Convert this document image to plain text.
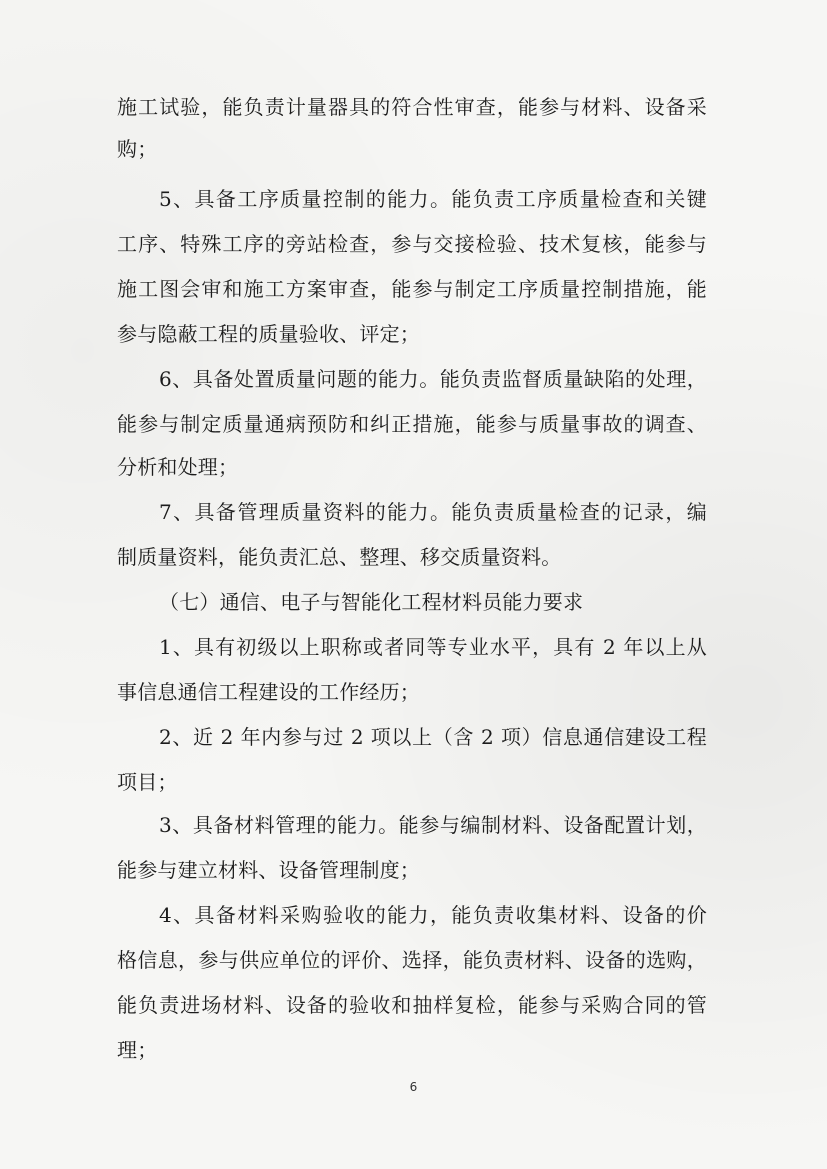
施工试验，能负责计量器具的符合性审查，能参与材料、设备采
购；
5、具备工序质量控制的能力。能负责工序质量检查和关键
工序、特殊工序的旁站检查，参与交接检验、技术复核，能参与
施工图会审和施工方案审查，能参与制定工序质量控制措施，能
参与隐蔽工程的质量验收、评定；
6、具备处置质量问题的能力。能负责监督质量缺陷的处理，
能参与制定质量通病预防和纠正措施，能参与质量事故的调查、
分析和处理；
7、具备管理质量资料的能力。能负责质量检查的记录，编
制质量资料，能负责汇总、整理、移交质量资料。
（七）通信、电子与智能化工程材料员能力要求
1、具有初级以上职称或者同等专业水平，具有 2 年以上从
事信息通信工程建设的工作经历；
2、近 2 年内参与过 2 项以上（含 2 项）信息通信建设工程
项目；
3、具备材料管理的能力。能参与编制材料、设备配置计划，
能参与建立材料、设备管理制度；
4、具备材料采购验收的能力，能负责收集材料、设备的价
格信息，参与供应单位的评价、选择，能负责材料、设备的选购，
能负责进场材料、设备的验收和抽样复检，能参与采购合同的管
理；
6
